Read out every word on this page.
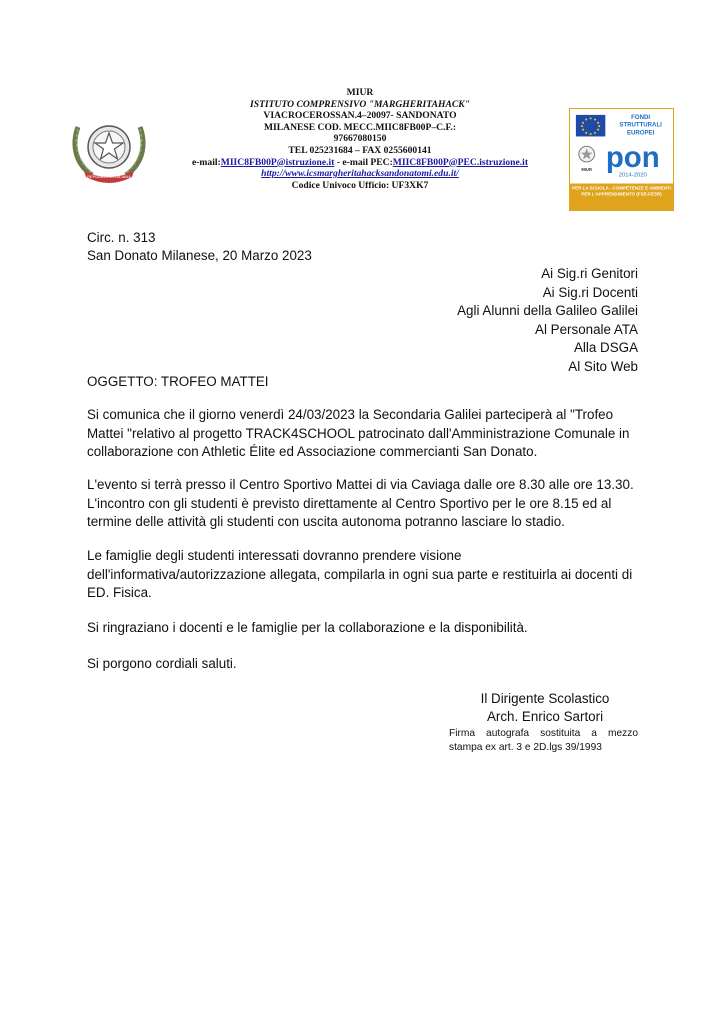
REPUBBLICA ITALIANA
MIUR
ISTITUTO COMPRENSIVO "MARGHERITAHACK"
VIACROCEROSSAN.4–20097- SANDONATO
MILANESE COD. MECC.MIIC8FB00P–C.F.:
97667080150
TEL 025231684 – FAX 0255600141
e-mail:MIIC8FB00P@istruzione.it - e-mail PEC:MIIC8FB00P@PEC.istruzione.it
http://www.icsmargheritahacksandonatomi.edu.it/
Codice Univoco Ufficio: UF3XK7
FONDI
STRUTTURALI
EUROPEI
MIUR pon
2014-2020
PER LA SCUOLA - COMPETENZE E AMBIENTI PER L'APPRENDIMENTO (FSE-FESR)
Circ. n. 313
San Donato Milanese, 20 Marzo 2023
Ai Sig.ri Genitori
Ai Sig.ri Docenti
Agli Alunni della Galileo Galilei
Al Personale ATA
Alla DSGA
Al Sito Web
OGGETTO: TROFEO MATTEI
Si comunica che il giorno venerdì 24/03/2023 la Secondaria Galilei parteciperà al "Trofeo
Mattei "relativo al progetto TRACK4SCHOOL patrocinato dall'Amministrazione Comunale in
collaborazione con Athletic Élite ed Associazione commercianti San Donato.
L'evento si terrà presso il Centro Sportivo Mattei di via Caviaga dalle ore 8.30 alle ore 13.30.
L'incontro con gli studenti è previsto direttamente al Centro Sportivo per le ore 8.15 ed al
termine delle attività gli studenti con uscita autonoma potranno lasciare lo stadio.
Le famiglie degli studenti interessati dovranno prendere visione
dell'informativa/autorizzazione allegata, compilarla in ogni sua parte e restituirla ai docenti di
ED. Fisica.
Si ringraziano i docenti e le famiglie per la collaborazione e la disponibilità.
Si porgono cordiali saluti.
Il Dirigente Scolastico
Arch. Enrico Sartori
Firma autografa sostituita a mezzo
stampa ex art. 3 e 2D.lgs 39/1993
